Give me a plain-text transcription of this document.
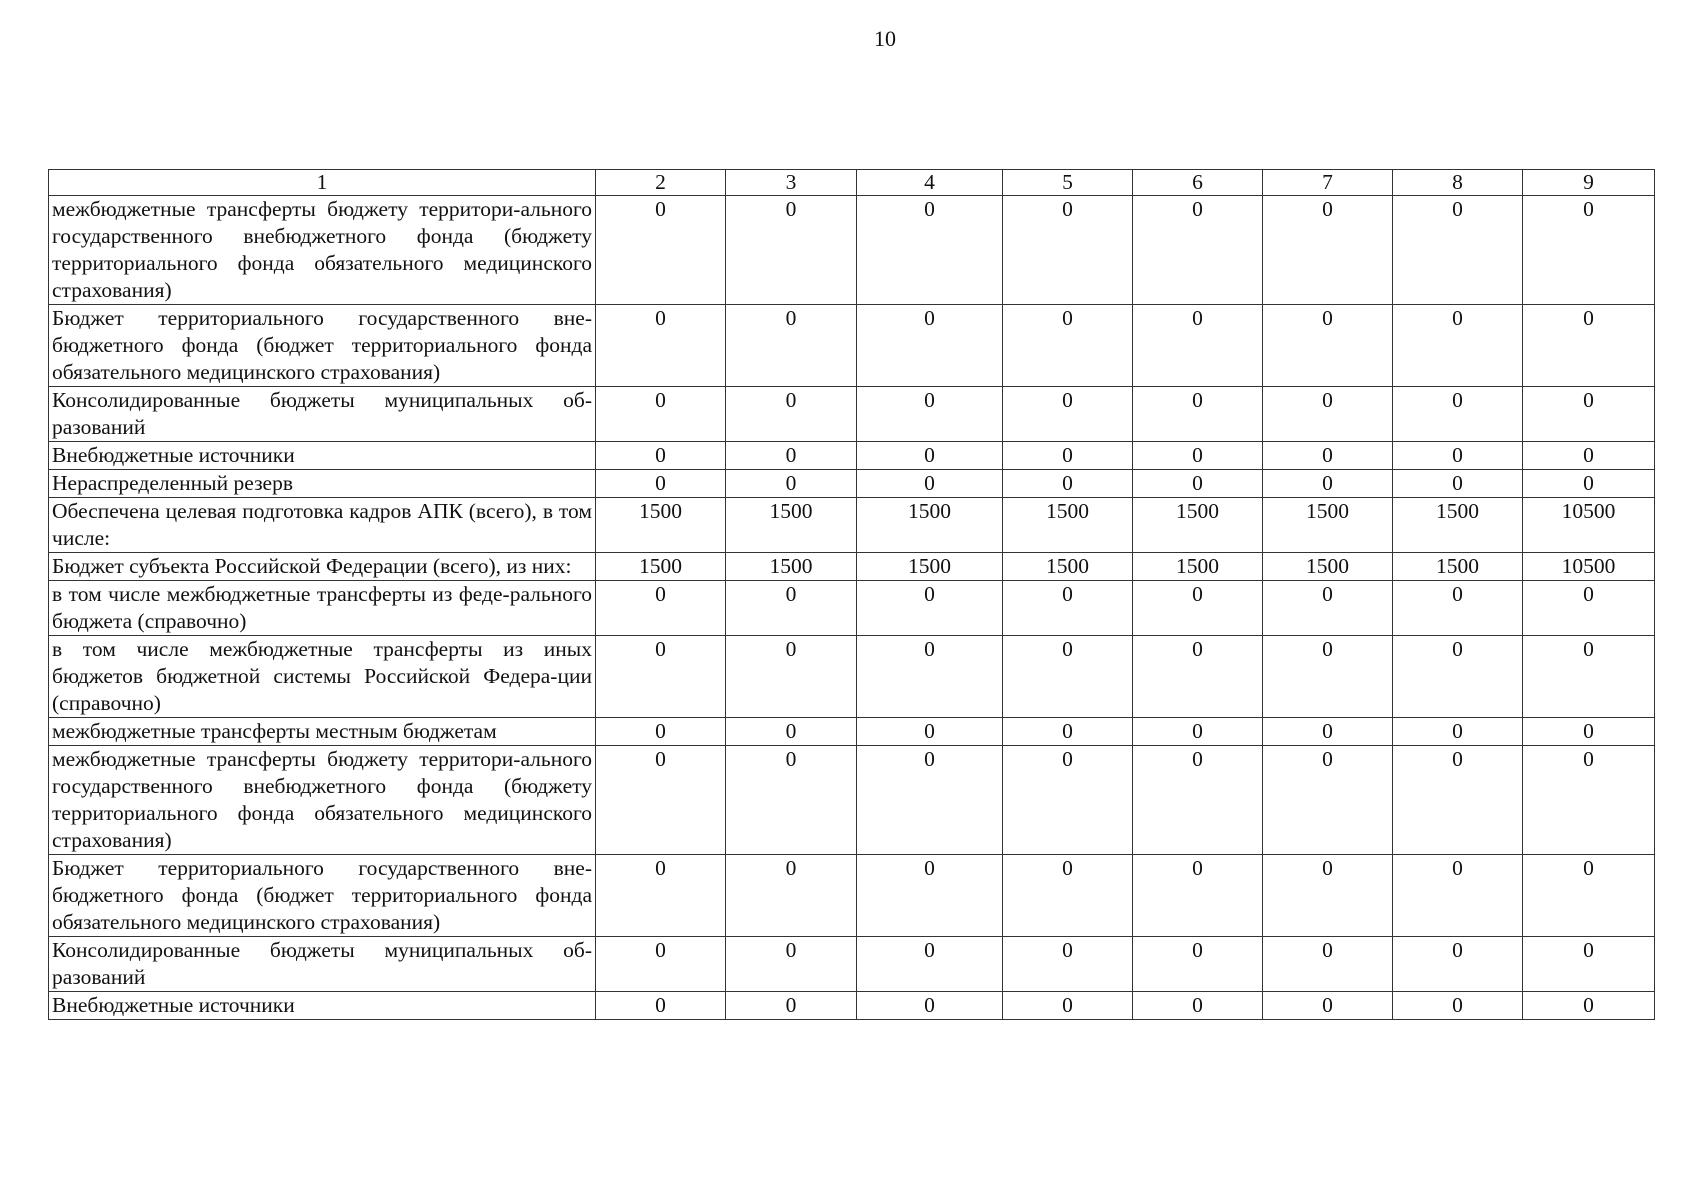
10
1	2	3	4	5	6	7	8	9
межбюджетные трансферты бюджету территори-ального государственного внебюджетного фонда (бюджету территориального фонда обязательного медицинского страхования)	0	0	0	0	0	0	0	0
Бюджет территориального государственного вне-бюджетного фонда (бюджет территориального фонда обязательного медицинского страхования)	0	0	0	0	0	0	0	0
Консолидированные бюджеты муниципальных об-разований	0	0	0	0	0	0	0	0
Внебюджетные источники	0	0	0	0	0	0	0	0
Нераспределенный резерв	0	0	0	0	0	0	0	0
Обеспечена целевая подготовка кадров АПК (всего), в том числе:	1500	1500	1500	1500	1500	1500	1500	10500
Бюджет субъекта Российской Федерации (всего), из них:	1500	1500	1500	1500	1500	1500	1500	10500
в том числе межбюджетные трансферты из феде-рального бюджета (справочно)	0	0	0	0	0	0	0	0
в том числе межбюджетные трансферты из иных бюджетов бюджетной системы Российской Федера-ции (справочно)	0	0	0	0	0	0	0	0
межбюджетные трансферты местным бюджетам	0	0	0	0	0	0	0	0
межбюджетные трансферты бюджету территори-ального государственного внебюджетного фонда (бюджету территориального фонда обязательного медицинского страхования)	0	0	0	0	0	0	0	0
Бюджет территориального государственного вне-бюджетного фонда (бюджет территориального фонда обязательного медицинского страхования)	0	0	0	0	0	0	0	0
Консолидированные бюджеты муниципальных об-разований	0	0	0	0	0	0	0	0
Внебюджетные источники	0	0	0	0	0	0	0	0
